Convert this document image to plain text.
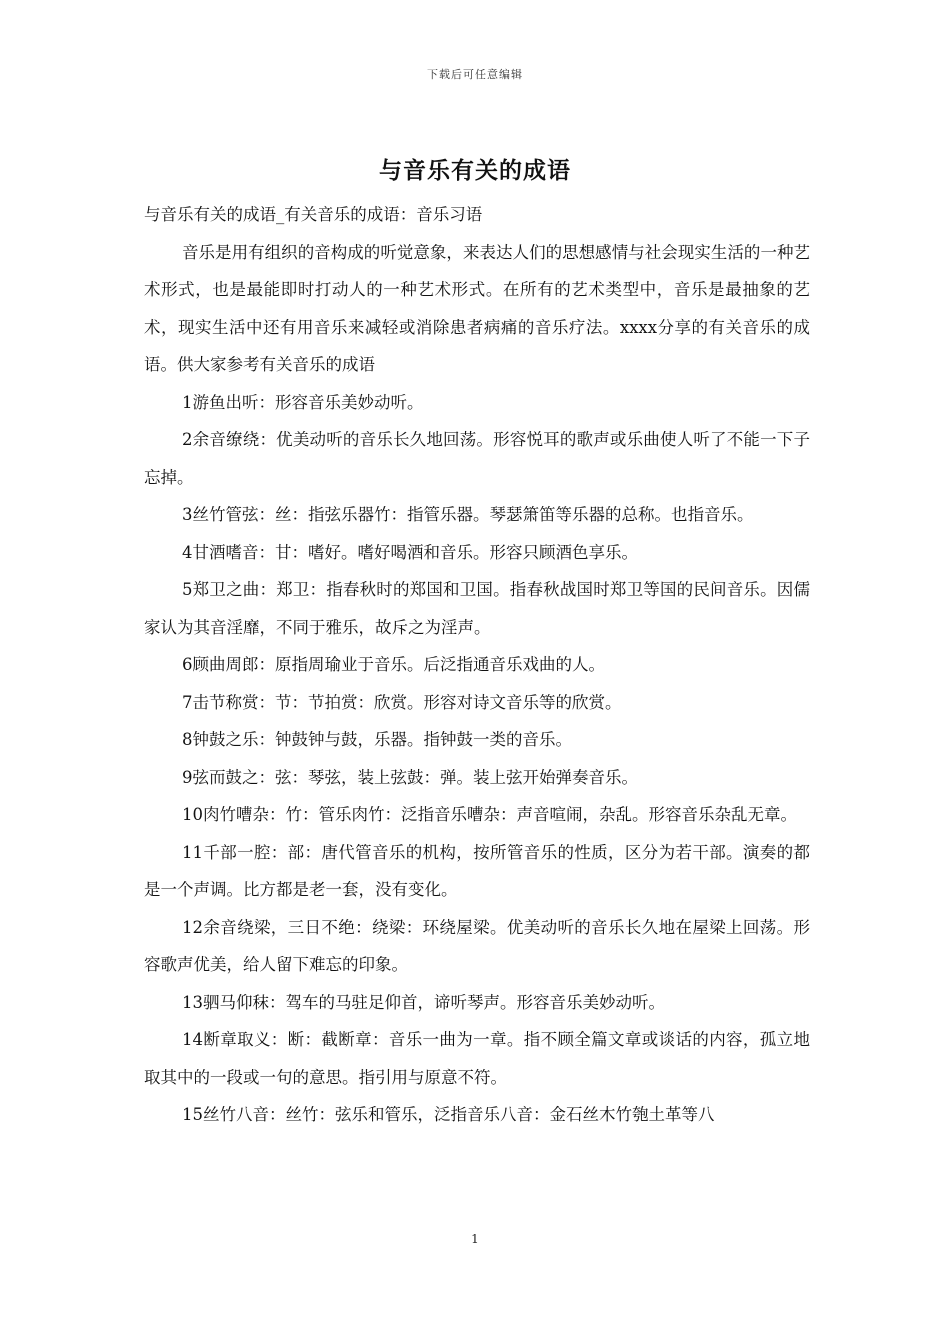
下载后可任意编辑
与音乐有关的成语

与音乐有关的成语_有关音乐的成语：音乐习语

音乐是用有组织的音构成的听觉意象，来表达人们的思想感情与社会现实生活的一种艺术形式，也是最能即时打动人的一种艺术形式。在所有的艺术类型中，音乐是最抽象的艺术，现实生活中还有用音乐来减轻或消除患者病痛的音乐疗法。xxxx分享的有关音乐的成语。供大家参考有关音乐的成语

1游鱼出听：形容音乐美妙动听。

2余音缭绕：优美动听的音乐长久地回荡。形容悦耳的歌声或乐曲使人听了不能一下子忘掉。

3丝竹管弦：丝：指弦乐器竹：指管乐器。琴瑟箫笛等乐器的总称。也指音乐。

4甘酒嗜音：甘：嗜好。嗜好喝酒和音乐。形容只顾酒色享乐。

5郑卫之曲：郑卫：指春秋时的郑国和卫国。指春秋战国时郑卫等国的民间音乐。因儒家认为其音淫靡，不同于雅乐，故斥之为淫声。

6顾曲周郎：原指周瑜业于音乐。后泛指通音乐戏曲的人。

7击节称赏：节：节拍赏：欣赏。形容对诗文音乐等的欣赏。

8钟鼓之乐：钟鼓钟与鼓，乐器。指钟鼓一类的音乐。

9弦而鼓之：弦：琴弦，装上弦鼓：弹。装上弦开始弹奏音乐。

10肉竹嘈杂：竹：管乐肉竹：泛指音乐嘈杂：声音喧闹，杂乱。形容音乐杂乱无章。

11千部一腔：部：唐代管音乐的机构，按所管音乐的性质，区分为若干部。演奏的都是一个声调。比方都是老一套，没有变化。

12余音绕梁，三日不绝：绕梁：环绕屋梁。优美动听的音乐长久地在屋梁上回荡。形容歌声优美，给人留下难忘的印象。

13驷马仰秣：驾车的马驻足仰首，谛听琴声。形容音乐美妙动听。

14断章取义：断：截断章：音乐一曲为一章。指不顾全篇文章或谈话的内容，孤立地取其中的一段或一句的意思。指引用与原意不符。

15丝竹八音：丝竹：弦乐和管乐，泛指音乐八音：金石丝木竹匏土革等八

1
